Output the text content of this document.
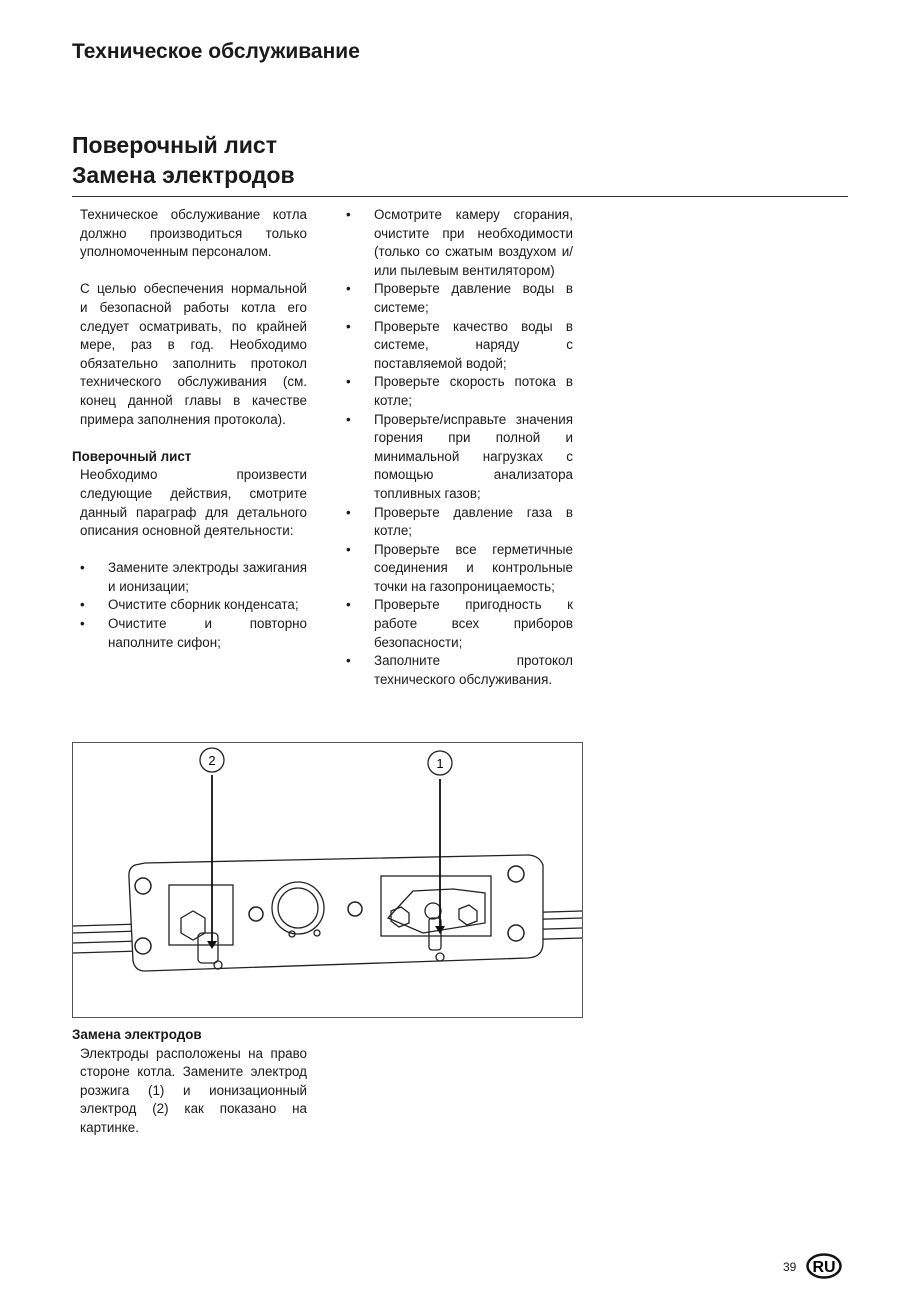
Техническое обслуживание
Поверочный лист
Замена электродов
Техническое обслуживание котла должно производиться только уполномоченным персоналом.
С целью обеспечения нормальной и безопасной работы котла его следует осматривать, по крайней мере, раз в год. Необходимо обязательно заполнить протокол технического обслуживания (см. конец данной главы в качестве примера заполнения протокола).
Поверочный лист
Необходимо произвести следующие действия, смотрите данный параграф для детального описания основной деятельности:
• Замените электроды зажигания и ионизации;
• Очистите сборник конденсата;
• Очистите и повторно наполните сифон;
• Осмотрите камеру сгорания, очистите при необходимости (только со сжатым воздухом и/или пылевым вентилятором)
• Проверьте давление воды в системе;
• Проверьте качество воды в системе, наряду с поставляемой водой;
• Проверьте скорость потока в котле;
• Проверьте/исправьте значения горения при полной и минимальной нагрузках с помощью анализатора топливных газов;
• Проверьте давление газа в котле;
• Проверьте все герметичные соединения и контрольные точки на газопроницаемость;
• Проверьте пригодность к работе всех приборов безопасности;
• Заполните протокол технического обслуживания.
2	1
Замена электродов
Электроды расположены на право стороне котла. Замените электрод розжига (1) и ионизационный электрод (2) как показано на картинке.
39 RU
